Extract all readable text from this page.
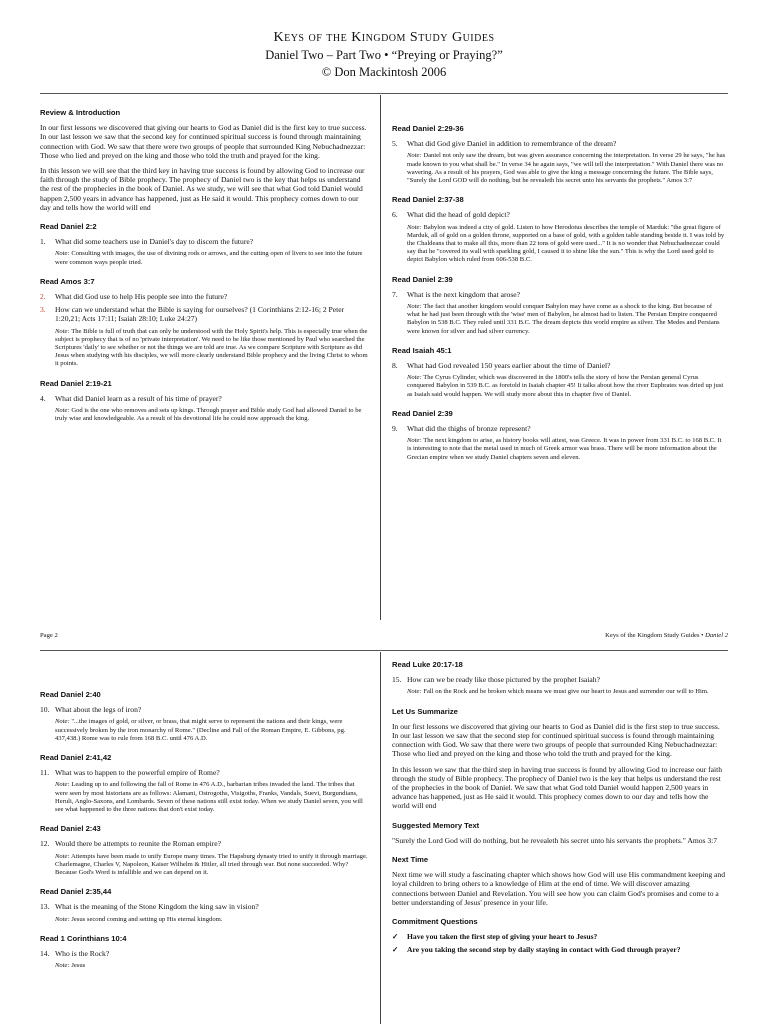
Keys of the Kingdom Study Guides
Daniel Two – Part Two • “Preying or Praying?”
© Don Mackintosh 2006
Review & Introduction

In our first lessons we discovered that giving our hearts to God as Daniel did is the first key to true success. In our last lesson we saw that the second key for continued spiritual success is found through maintaining connection with God. We saw that there were two groups of people that surrounded King Nebuchadnezzar: Those who lied and preyed on the king and those who told the truth and prayed for the king.

In this lesson we will see that the third key in having true success is found by allowing God to increase our faith through the study of Bible prophecy. The prophecy of Daniel two is the key that helps us understand the rest of the prophecies in the book of Daniel. As we study, we will see that what God told Daniel would happen 2,500 years in advance has happened, just as He said it would. This prophecy comes down to our day and tells how the world will end

Read Daniel 2:2
1.	What did some teachers use in Daniel's day to discern the future?
Note: Consulting with images, the use of divining rods or arrows, and the cutting open of livers to see into the future were common ways people tried.
Read Amos 3:7
2.	What did God use to help His people see into the future?
3.	How can we understand what the Bible is saying for ourselves? (1 Corinthians 2:12-16; 2 Peter 1:20,21; Acts 17:11; Isaiah 28:10; Luke 24:27)
Note: The Bible is full of truth that can only be understood with the Holy Spirit's help. This is especially true when the subject is prophecy that is of no 'private interpretation'. We need to be like those mentioned by Paul who searched the Scriptures 'daily' to see whether or not the things we are told are true. As we compare Scripture with Scripture as did Jesus when studying with his disciples, we will more clearly understand Bible prophecy and the living Christ to whom it points.
Read Daniel 2:19-21
4.	What did Daniel learn as a result of his time of prayer?
Note: God is the one who removes and sets up kings. Through prayer and Bible study God had allowed Daniel to be truly wise and knowledgeable. As a result of his devotional life he could now approach the king.
Read Daniel 2:29-36
5.	What did God give Daniel in addition to remembrance of the dream?
Note: Daniel not only saw the dream, but was given assurance concerning the interpretation. In verse 29 he says, "he has made known to you what shall be." In verse 34 he again says, "we will tell the interpretation." With Daniel there was no wavering. As a result of his prayers, God was able to give the king a message concerning the future. The Bible says, "Surely the Lord GOD will do nothing, but he revealeth his secret unto his servants the prophets." Amos 3:7
Read Daniel 2:37-38
6.	What did the head of gold depict?
Note: Babylon was indeed a city of gold. Listen to how Herodotus describes the temple of Marduk: "the great figure of Marduk, all of gold on a golden throne, supported on a base of gold, with a golden table standing beside it. I was told by the Chaldeans that to make all this, more than 22 tons of gold were used..." It is no wonder that Nebuchadnezzar could say that he "covered its wall with sparkling gold, I caused it to shine like the sun." This is why the Lord used gold to depict Babylon which ruled from 606-538 B.C.
Read Daniel 2:39
7.	What is the next kingdom that arose?
Note: The fact that another kingdom would conquer Babylon may have come as a shock to the king. But because of what he had just been through with the 'wise' men of Babylon, he almost had to listen. The Persian Empire conquered Babylon in 538 B.C. They ruled until 331 B.C. The dream depicts this world empire as silver. The Medes and Persians were known for silver and had silver currency.
Read Isaiah 45:1
8.	What had God revealed 150 years earlier about the time of Daniel?
Note: The Cyrus Cylinder, which was discovered in the 1800's tells the story of how the Persian general Cyrus conquered Babylon in 539 B.C. as foretold in Isaiah chapter 45! It talks about how the river Euphrates was dried up just as Isaiah said would happen. We will study more about this in chapter five of Daniel.
Read Daniel 2:39
9.	What did the thighs of bronze represent?
Note: The next kingdom to arise, as history books will attest, was Greece. It was in power from 331 B.C. to 168 B.C. It is interesting to note that the metal used in much of Greek armor was brass. There will be more information about the Grecian empire when we study Daniel chapters seven and eleven.
Page 2	Keys of the Kingdom Study Guides • Daniel 2
Read Daniel 2:40
10. What about the legs of iron?
Note: "...the images of gold, or silver, or brass, that might serve to represent the nations and their kings, were successively broken by the iron monarchy of Rome." (Decline and Fall of the Roman Empire, E. Gibbons, pg. 437,438.) Rome was to rule from 168 B.C. until 476 A.D.
Read Daniel 2:41,42
11. What was to happen to the powerful empire of Rome?
Note: Leading up to and following the fall of Rome in 476 A.D., barbarian tribes invaded the land. The tribes that were seen by most historians are as follows: Alamani, Ostrogoths, Visigoths, Franks, Vandals, Suevi, Burgundians, Heruli, Anglo-Saxons, and Lombards. Seven of these nations still exist today. When we study Daniel seven, you will see what happened to the three nations that don't exist today.
Read Daniel 2:43
12. Would there be attempts to reunite the Roman empire?
Note: Attempts have been made to unify Europe many times. The Hapsburg dynasty tried to unify it through marriage. Charlemagne, Charles V, Napoleon, Kaiser Wilhelm & Hitler, all tried through war. But none succeeded. Why? Because God's Word is infallible and we can depend on it.
Read Daniel 2:35,44
13. What is the meaning of the Stone Kingdom the king saw in vision?
Note: Jesus second coming and setting up His eternal kingdom.
Read 1 Corinthians 10:4
14. Who is the Rock?
Note: Jesus
Read Luke 20:17-18
15. How can we be ready like those pictured by the prophet Isaiah?
Note: Fall on the Rock and be broken which means we must give our heart to Jesus and surrender our will to Him.
Let Us Summarize

In our first lessons we discovered that giving our hearts to God as Daniel did is the first step to true success. In our last lesson we saw that the second step for continued spiritual success is found through maintaining connection with God. We saw that there were two groups of people that surrounded King Nebuchadnezzar: Those who lied and preyed on the king and those who told the truth and prayed for the king.

In this lesson we saw that the third step in having true success is found by allowing God to increase our faith through the study of Bible prophecy. The prophecy of Daniel two is the key that helps us understand the rest of the prophecies in the book of Daniel. We saw that what God told Daniel would happen 2,500 years in advance has happened, just as He said it would. This prophecy comes down to our day and tells how the world will end

Suggested Memory Text

"Surely the Lord God will do nothing, but he revealeth his secret unto his servants the prophets." Amos 3:7

Next Time

Next time we will study a fascinating chapter which shows how God will use His commandment keeping and loyal children to bring others to a knowledge of Him at the end of time. We will discover amazing connections between Daniel and Revelation. You will see how you can claim God's promises and come to a better understanding of Jesus' presence in your life.

Commitment Questions
✓	Have you taken the first step of giving your heart to Jesus?
✓	Are you taking the second step by daily staying in contact with God through prayer?
